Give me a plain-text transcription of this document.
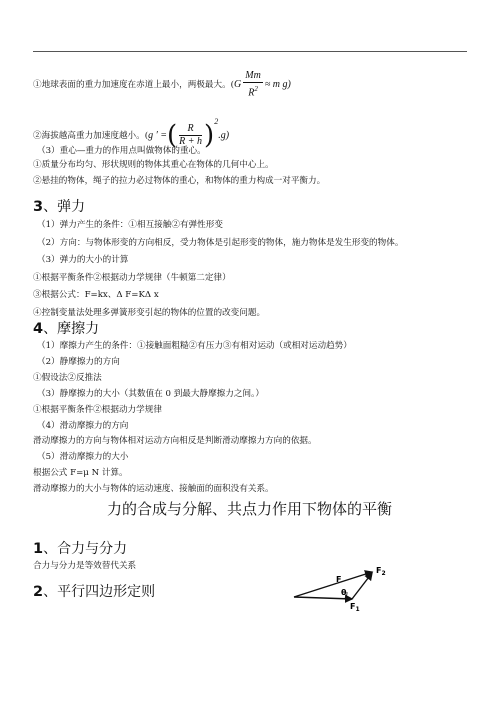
①地球表面的重力加速度在赤道上最小，两极最大。($G \frac{Mm}{R^2} \approx m$ g)
②海拔越高重力加速度越小。(g ′ =( $\frac{R}{R + h} )^2.g$)
（3）重心—重力的作用点叫做物体的重心。
①质量分布均匀、形状规则的物体其重心在物体的几何中心上。
②悬挂的物体，绳子的拉力必过物体的重心，和物体的重力构成一对平衡力。
3、弹力
（1）弹力产生的条件：①相互接触②有弹性形变
（2）方向：与物体形变的方向相反，受力物体是引起形变的物体，施力物体是发生形变的物体。
（3）弹力的大小的计算
①根据平衡条件②根据动力学规律（牛顿第二定律）
③根据公式：F=kx、Δ F=KΔ x
④控制变量法处理多弹簧形变引起的物体的位置的改变问题。
4、摩擦力
（1）摩擦力产生的条件：①接触面粗糙②有压力③有相对运动（或相对运动趋势）
（2）静摩擦力的方向
①假设法②反推法
（3）静摩擦力的大小（其数值在 0 到最大静摩擦力之间。）
①根据平衡条件②根据动力学规律
（4）滑动摩擦力的方向
滑动摩擦力的方向与物体相对运动方向相反是判断滑动摩擦力方向的依据。
（5）滑动摩擦力的大小
根据公式 F=μ N 计算。
滑动摩擦力的大小与物体的运动速度、接触面的面积没有关系。
力的合成与分解、共点力作用下物体的平衡
1、合力与分力
合力与分力是等效替代关系
2、平行四边形定则
F
$F_2$
θ
$F_1$
